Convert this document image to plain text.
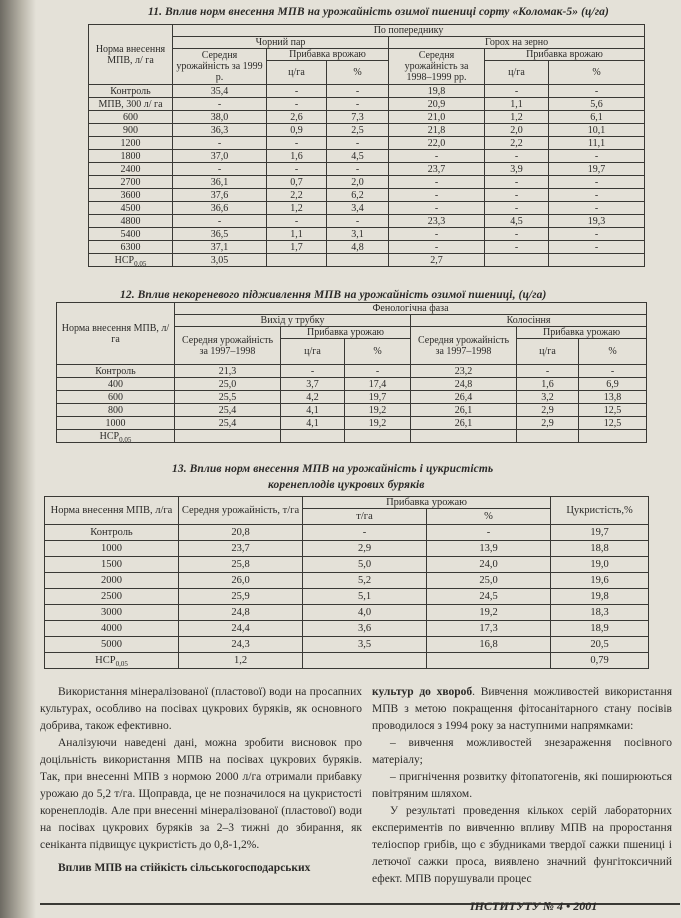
11. Вплив норм внесення МПВ на урожайність озимої пшениці сорту «Коломак-5» (ц/га)
Норма внесення МПВ, л/ га	По попереднику					
	Чорний пар			Горох на зерно		
	Середня урожайність за 1999 р.	Прибавка врожаю		Середня урожайність за 1998–1999 рр.	Прибавка врожаю	
		ц/га	%		ц/га	%
Контроль	35,4	-	-	19,8	-	-
МПВ, 300 л/ га	-	-	-	20,9	1,1	5,6
600	38,0	2,6	7,3	21,0	1,2	6,1
900	36,3	0,9	2,5	21,8	2,0	10,1
1200	-	-	-	22,0	2,2	11,1
1800	37,0	1,6	4,5	-	-	-
2400	-	-	-	23,7	3,9	19,7
2700	36,1	0,7	2,0	-	-	-
3600	37,6	2,2	6,2	-	-	-
4500	36,6	1,2	3,4	-	-	-
4800	-	-	-	23,3	4,5	19,3
5400	36,5	1,1	3,1	-	-	-
6300	37,1	1,7	4,8	-	-	-
$НСР_{0,05}$	3,05			2,7		
12. Вплив некореневого підживлення МПВ на урожайність озимої пшениці, (ц/га)
Норма внесення МПВ, л/га	Фенологічна фаза					
	Вихід у трубку			Колосіння		
	Середня урожайність за 1997–1998	Прибавка урожаю		Середня урожайність за 1997–1998	Прибавка урожаю	
		ц/га	%		ц/га	%
Контроль	21,3	-	-	23,2	-	-
400	25,0	3,7	17,4	24,8	1,6	6,9
600	25,5	4,2	19,7	26,4	3,2	13,8
800	25,4	4,1	19,2	26,1	2,9	12,5
1000	25,4	4,1	19,2	26,1	2,9	12,5
$НСР_{0,05}$						
13. Вплив норм внесення МПВ на урожайність і цукристість
коренеплодів цукрових буряків
Норма внесення МПВ, л/га	Середня урожайність, т/га	Прибавка урожаю		Цукристість,%
		т/га	%	
Контроль	20,8	-	-	19,7
1000	23,7	2,9	13,9	18,8
1500	25,8	5,0	24,0	19,0
2000	26,0	5,2	25,0	19,6
2500	25,9	5,1	24,5	19,8
3000	24,8	4,0	19,2	18,3
4000	24,4	3,6	17,3	18,9
5000	24,3	3,5	16,8	20,5
$НСР_{0,05}$	1,2			0,79

Використання мінералізованої (пластової) води на просапних культурах, особливо на посівах цукрових буряків, як основного добрива, також ефективно.

Аналізуючи наведені дані, можна зробити висновок про доцільність використання МПВ на посівах цукрових буряків. Так, при внесенні МПВ з нормою 2000 л/га отримали прибавку урожаю до 5,2 т/га. Щоправда, це не позначилося на цукристості коренеплодів. Але при внесенні мінералізованої (пластової) води на посівах цукрових буряків за 2–3 тижні до збирання, як сеніканта підвищує цукристість до 0,8-1,2%.

Вплив МПВ на стійкість сільськогосподарських

культур до хвороб. Вивчення можливостей використання МПВ з метою покращення фітосанітарного стану посівів проводилося з 1994 року за наступними напрямками:

– вивчення можливостей знезараження посівного матеріалу;

– пригнічення розвитку фітопатогенів, які поширюються повітряним шляхом.

У результаті проведення кількох серій лабораторних експериментів по вивченню впливу МПВ на проростання теліоспор грибів, що є збудниками твердої сажки пшениці і летючої сажки проса, виявлено значний фунгітоксичний ефект. МПВ порушували процес

ІНСТИТУТУ № 4 • 2001
